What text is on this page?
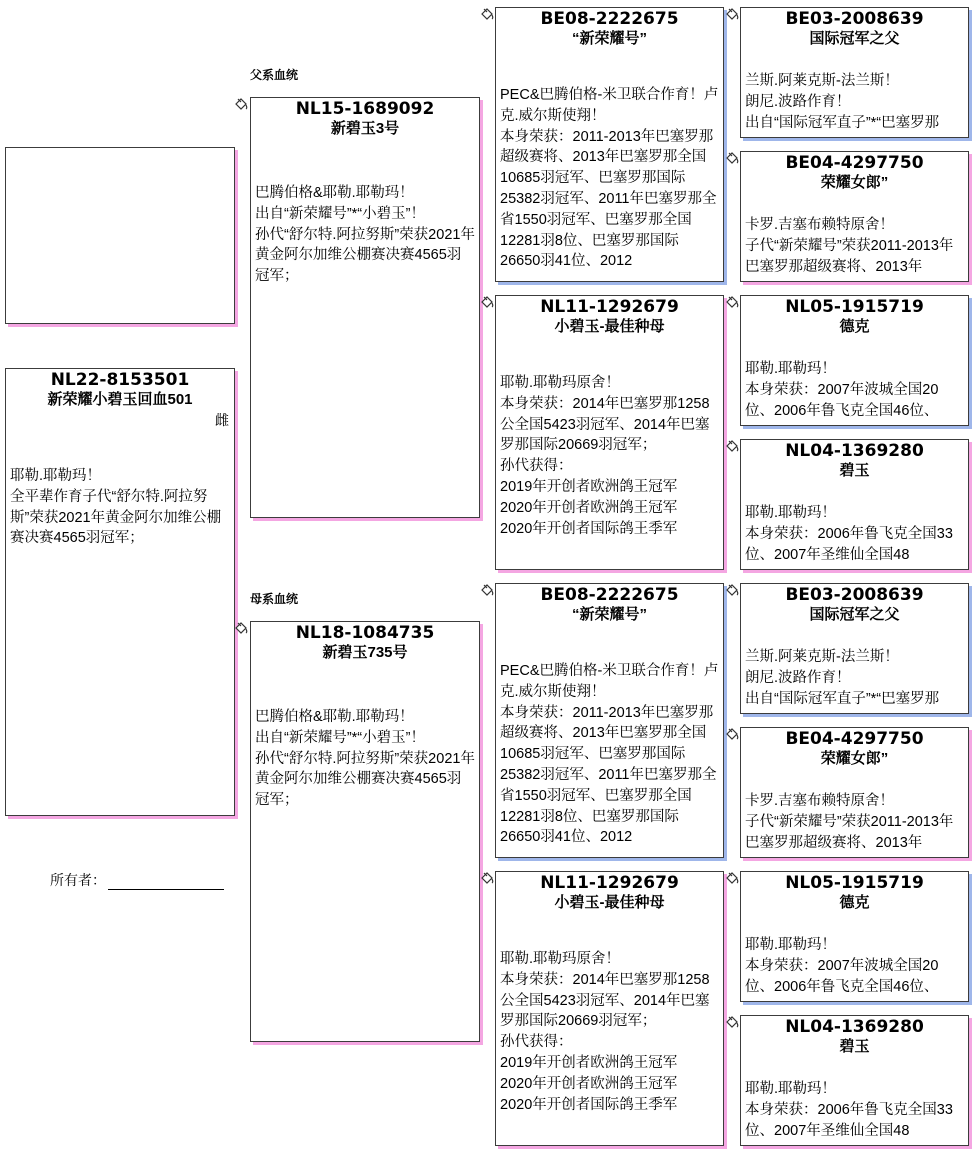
父系血统
母系血统
NL22-8153501
新荣耀小碧玉回血501
雌
耶勒.耶勒玛！
全平辈作育子代“舒尔特.阿拉努斯”荣获2021年黄金阿尔加维公棚赛决赛4565羽冠军；
所有者：
NL15-1689092
新碧玉3号
巴腾伯格&耶勒.耶勒玛！
出自“新荣耀号”*“小碧玉”！
孙代“舒尔特.阿拉努斯”荣获2021年黄金阿尔加维公棚赛决赛4565羽冠军；
NL18-1084735
新碧玉735号
巴腾伯格&耶勒.耶勒玛！
出自“新荣耀号”*“小碧玉”！
孙代“舒尔特.阿拉努斯”荣获2021年黄金阿尔加维公棚赛决赛4565羽冠军；
BE08-2222675
“新荣耀号”
PEC&巴腾伯格-米卫联合作育！卢克.威尔斯使翔！
本身荣获：2011-2013年巴塞罗那超级赛将、2013年巴塞罗那全国10685羽冠军、巴塞罗那国际25382羽冠军、2011年巴塞罗那全省1550羽冠军、巴塞罗那全国12281羽8位、巴塞罗那国际26650羽41位、2012
NL11-1292679
小碧玉-最佳种母
耶勒.耶勒玛原舍！
本身荣获：2014年巴塞罗那1258公全国5423羽冠军、2014年巴塞罗那国际20669羽冠军；
孙代获得：
2019年开创者欧洲鸽王冠军
2020年开创者欧洲鸽王冠军
2020年开创者国际鸽王季军
BE08-2222675
“新荣耀号”
PEC&巴腾伯格-米卫联合作育！卢克.威尔斯使翔！
本身荣获：2011-2013年巴塞罗那超级赛将、2013年巴塞罗那全国10685羽冠军、巴塞罗那国际25382羽冠军、2011年巴塞罗那全省1550羽冠军、巴塞罗那全国12281羽8位、巴塞罗那国际26650羽41位、2012
NL11-1292679
小碧玉-最佳种母
耶勒.耶勒玛原舍！
本身荣获：2014年巴塞罗那1258公全国5423羽冠军、2014年巴塞罗那国际20669羽冠军；
孙代获得：
2019年开创者欧洲鸽王冠军
2020年开创者欧洲鸽王冠军
2020年开创者国际鸽王季军
BE03-2008639
国际冠军之父
兰斯.阿莱克斯-法兰斯！
朗尼.波路作育！
出自“国际冠军直子”*“巴塞罗那
BE04-4297750
荣耀女郎”
卡罗.吉塞布赖特原舍！
子代“新荣耀号”荣获2011-2013年巴塞罗那超级赛将、2013年
NL05-1915719
德克
耶勒.耶勒玛！
本身荣获：2007年波城全国20位、2006年鲁飞克全国46位、
NL04-1369280
碧玉
耶勒.耶勒玛！
本身荣获：2006年鲁飞克全国33位、2007年圣维仙全国48
BE03-2008639
国际冠军之父
兰斯.阿莱克斯-法兰斯！
朗尼.波路作育！
出自“国际冠军直子”*“巴塞罗那
BE04-4297750
荣耀女郎”
卡罗.吉塞布赖特原舍！
子代“新荣耀号”荣获2011-2013年巴塞罗那超级赛将、2013年
NL05-1915719
德克
耶勒.耶勒玛！
本身荣获：2007年波城全国20位、2006年鲁飞克全国46位、
NL04-1369280
碧玉
耶勒.耶勒玛！
本身荣获：2006年鲁飞克全国33位、2007年圣维仙全国48
